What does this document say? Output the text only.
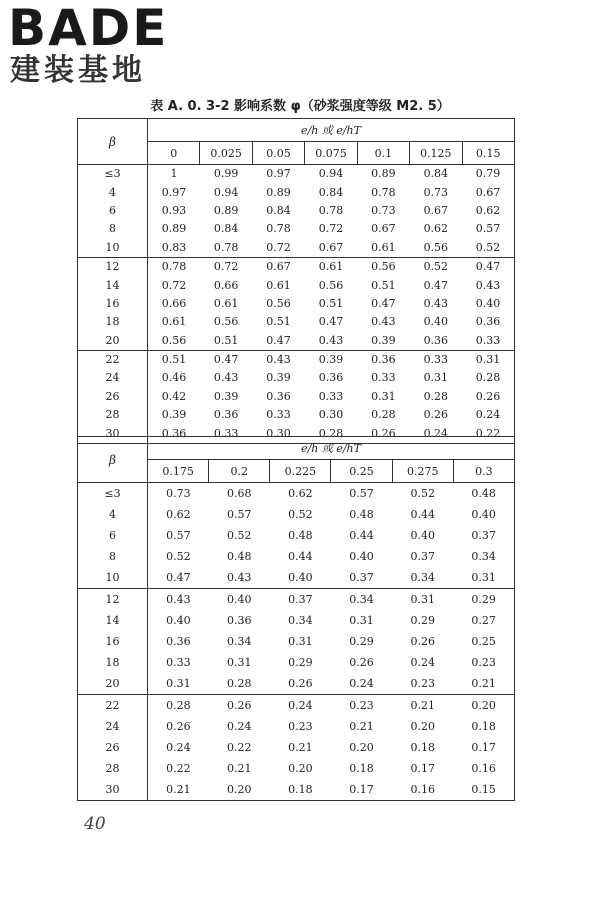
BADE
建装基地
表 A. 0. 3-2 影响系数 φ（砂浆强度等级 M2. 5）
β	e/h 或 e/hT						
	0	0.025	0.05	0.075	0.1	0.125	0.15
≤3	1	0.99	0.97	0.94	0.89	0.84	0.79
4	0.97	0.94	0.89	0.84	0.78	0.73	0.67
6	0.93	0.89	0.84	0.78	0.73	0.67	0.62
8	0.89	0.84	0.78	0.72	0.67	0.62	0.57
10	0.83	0.78	0.72	0.67	0.61	0.56	0.52
12	0.78	0.72	0.67	0.61	0.56	0.52	0.47
14	0.72	0.66	0.61	0.56	0.51	0.47	0.43
16	0.66	0.61	0.56	0.51	0.47	0.43	0.40
18	0.61	0.56	0.51	0.47	0.43	0.40	0.36
20	0.56	0.51	0.47	0.43	0.39	0.36	0.33
22	0.51	0.47	0.43	0.39	0.36	0.33	0.31
24	0.46	0.43	0.39	0.36	0.33	0.31	0.28
26	0.42	0.39	0.36	0.33	0.31	0.28	0.26
28	0.39	0.36	0.33	0.30	0.28	0.26	0.24
30	0.36	0.33	0.30	0.28	0.26	0.24	0.22
β	e/h 或 e/hT					
	0.175	0.2	0.225	0.25	0.275	0.3
≤3	0.73	0.68	0.62	0.57	0.52	0.48
4	0.62	0.57	0.52	0.48	0.44	0.40
6	0.57	0.52	0.48	0.44	0.40	0.37
8	0.52	0.48	0.44	0.40	0.37	0.34
10	0.47	0.43	0.40	0.37	0.34	0.31
12	0.43	0.40	0.37	0.34	0.31	0.29
14	0.40	0.36	0.34	0.31	0.29	0.27
16	0.36	0.34	0.31	0.29	0.26	0.25
18	0.33	0.31	0.29	0.26	0.24	0.23
20	0.31	0.28	0.26	0.24	0.23	0.21
22	0.28	0.26	0.24	0.23	0.21	0.20
24	0.26	0.24	0.23	0.21	0.20	0.18
26	0.24	0.22	0.21	0.20	0.18	0.17
28	0.22	0.21	0.20	0.18	0.17	0.16
30	0.21	0.20	0.18	0.17	0.16	0.15
40
